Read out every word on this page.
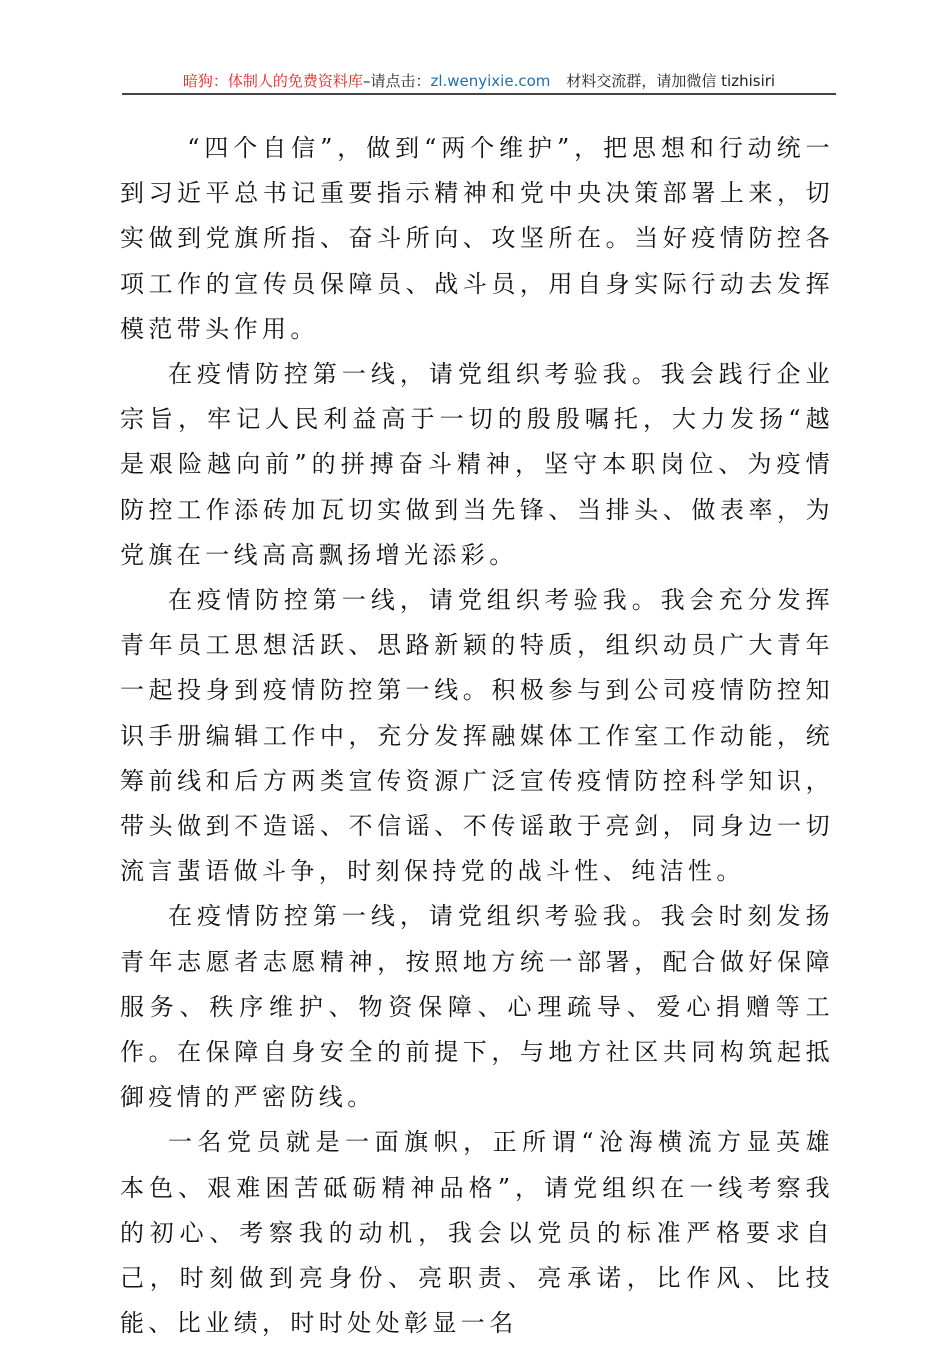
暗狗：体制人的免费资料库–请点击：zl.wenyixie.com 材料交流群，请加微信 tizhisiri

“四个自信”，做到“两个维护”，把思想和行动统一到习近平总书记重要指示精神和党中央决策部署上来，切实做到党旗所指、奋斗所向、攻坚所在。当好疫情防控各项工作的宣传员保障员、战斗员，用自身实际行动去发挥模范带头作用。

在疫情防控第一线，请党组织考验我。我会践行企业宗旨，牢记人民利益高于一切的殷殷嘱托，大力发扬“越是艰险越向前”的拼搏奋斗精神，坚守本职岗位、为疫情防控工作添砖加瓦切实做到当先锋、当排头、做表率，为党旗在一线高高飘扬增光添彩。

在疫情防控第一线，请党组织考验我。我会充分发挥青年员工思想活跃、思路新颖的特质，组织动员广大青年一起投身到疫情防控第一线。积极参与到公司疫情防控知识手册编辑工作中，充分发挥融媒体工作室工作动能，统筹前线和后方两类宣传资源广泛宣传疫情防控科学知识，带头做到不造谣、不信谣、不传谣敢于亮剑，同身边一切流言蜚语做斗争，时刻保持党的战斗性、纯洁性。

在疫情防控第一线，请党组织考验我。我会时刻发扬青年志愿者志愿精神，按照地方统一部署，配合做好保障服务、秩序维护、物资保障、心理疏导、爱心捐赠等工作。在保障自身安全的前提下，与地方社区共同构筑起抵御疫情的严密防线。

一名党员就是一面旗帜，正所谓“沧海横流方显英雄本色、艰难困苦砥砺精神品格”，请党组织在一线考察我的初心、考察我的动机，我会以党员的标准严格要求自己，时刻做到亮身份、亮职责、亮承诺，比作风、比技能、比业绩，时时处处彰显一名
